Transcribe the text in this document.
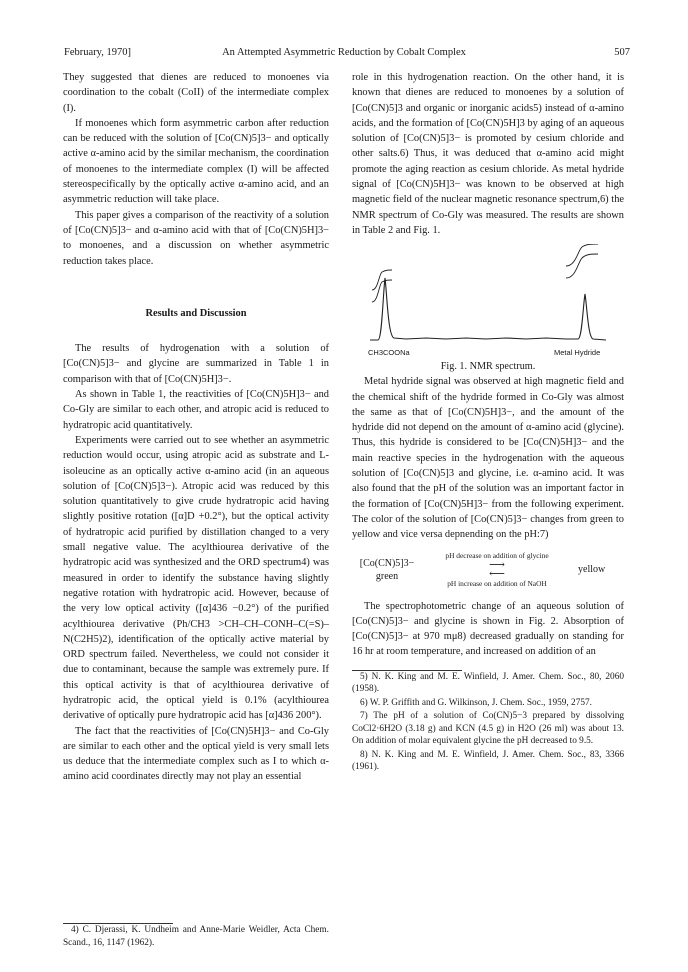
February, 1970]	An Attempted Asymmetric Reduction by Cobalt Complex	507

They suggested that dienes are reduced to monoenes via coordination to the cobalt (CoII) of the intermediate complex (I).

If monoenes which form asymmetric carbon after reduction can be reduced with the solution of [Co(CN)5]3− and optically active α-amino acid by the similar mechanism, the coordination of monoenes to the intermediate complex (I) will be affected stereospecifically by the optically active α-amino acid, and an asymmetric reduction will take place.

This paper gives a comparison of the reactivity of a solution of [Co(CN)5]3− and α-amino acid with that of [Co(CN)5H]3− to monoenes, and a discussion on whether asymmetric reduction takes place.

Results and Discussion

The results of hydrogenation with a solution of [Co(CN)5]3− and glycine are summarized in Table 1 in comparison with that of [Co(CN)5H]3−.

As shown in Table 1, the reactivities of [Co(CN)5H]3− and Co-Gly are similar to each other, and atropic acid is reduced to hydratropic acid quantitatively.

Experiments were carried out to see whether an asymmetric reduction would occur, using atropic acid as substrate and L-isoleucine as an optically active α-amino acid (in an aqueous solution of [Co(CN)5]3−). Atropic acid was reduced by this solution quantitatively to give crude hydratropic acid having slightly positive rotation ([α]D +0.2°), but the optical activity of hydratropic acid purified by distillation changed to a very small negative value. The acylthiourea derivative of the hydratropic acid was synthesized and the ORD spectrum4) was measured in order to identify the substance having slightly negative rotation with hydratropic acid. However, because of the very low optical activity ([α]436 −0.2°) of the purified acylthiourea derivative (Ph/CH3 >CH–CH–CONH–C(=S)–N(C2H5)2), identification of the optically active material by ORD spectrum failed. Nevertheless, we could not consider it due to contaminant, because the sample was extremely pure. If this optical activity is that of acylthiourea derivative of hydratropic acid, the optical yield is 0.1% (acylthiourea derivative of optically pure hydratropic acid has [α]436 200°).

The fact that the reactivities of [Co(CN)5H]3− and Co-Gly are similar to each other and the optical yield is very small lets us deduce that the intermediate complex such as I to which α-amino acid coordinates directly may not play an essential

4) C. Djerassi, K. Undheim and Anne-Marie Weidler, Acta Chem. Scand., 16, 1147 (1962).

role in this hydrogenation reaction. On the other hand, it is known that dienes are reduced to monoenes by a solution of [Co(CN)5]3 and organic or inorganic acids5) instead of α-amino acids, and the formation of [Co(CN)5H]3 by aging of an aqueous solution of [Co(CN)5]3− is promoted by cesium chloride and other salts.6) Thus, it was deduced that α-amino acid might promote the aging reaction as cesium chloride. As metal hydride signal of [Co(CN)5H]3− was known to be observed at high magnetic field of the nuclear magnetic resonance spectrum,6) the NMR spectrum of Co-Gly was measured. The results are shown in Table 2 and Fig. 1.

CH3COONa	Metal Hydride
Fig. 1. NMR spectrum.

Metal hydride signal was observed at high magnetic field and the chemical shift of the hydride formed in Co-Gly was almost the same as that of [Co(CN)5H]3−, and the amount of the hydride did not depend on the amount of α-amino acid (glycine). Thus, this hydride is considered to be [Co(CN)5H]3− and the main reactive species in the hydrogenation with the aqueous solution of [Co(CN)5]3 and glycine, i.e. α-amino acid. It was also found that the pH of the solution was an important factor in the formation of [Co(CN)5H]3− from the following experiment. The color of the solution of [Co(CN)5]3− changes from green to yellow and vice versa depnending on the pH:7)

[Co(CN)5]3−
green
pH decrease on addition of glycine
⟶
⟵
pH increase on addition of NaOH
yellow

The spectrophotometric change of an aqueous solution of [Co(CN)5]3− and glycine is shown in Fig. 2. Absorption of [Co(CN)5]3− at 970 mμ8) decreased gradually on standing for 16 hr at room temperature, and increased on addition of an

5) N. K. King and M. E. Winfield, J. Amer. Chem. Soc., 80, 2060 (1958).

6) W. P. Griffith and G. Wilkinson, J. Chem. Soc., 1959, 2757.

7) The pH of a solution of Co(CN)5−3 prepared by dissolving CoCl2·6H2O (3.18 g) and KCN (4.5 g) in H2O (26 ml) was about 13. On addition of molar equivalent glycine the pH decreased to 9.5.

8) N. K. King and M. E. Winfield, J. Amer. Chem. Soc., 83, 3366 (1961).
